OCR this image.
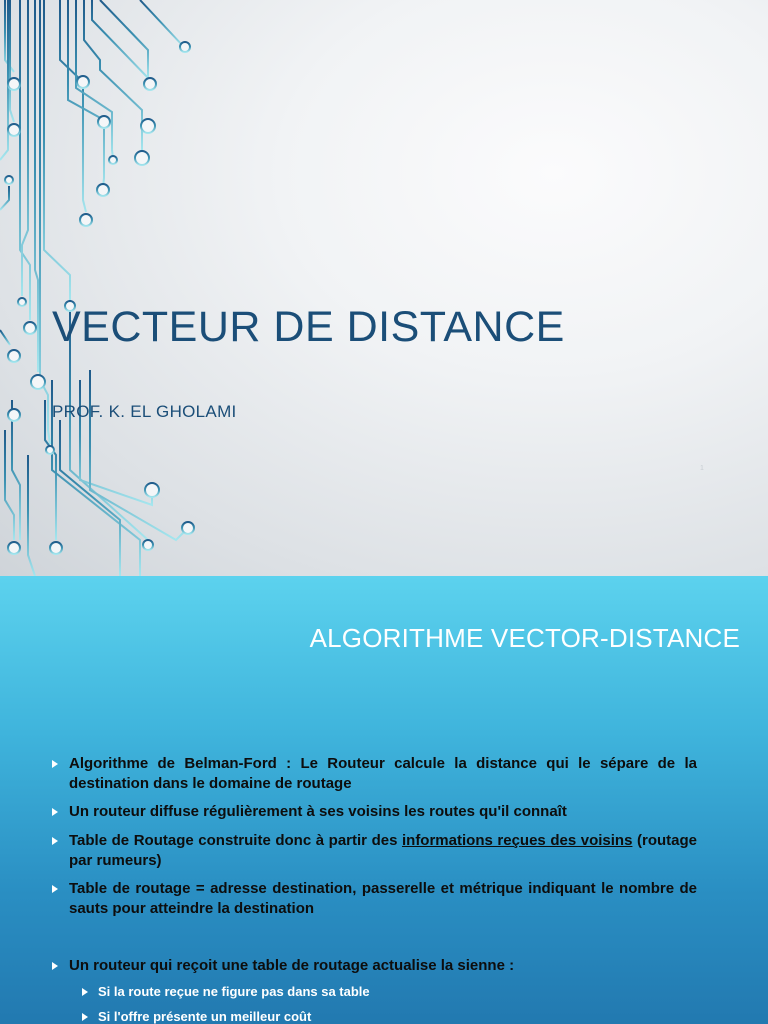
VECTEUR DE DISTANCE
PROF. K. EL GHOLAMI
1
ALGORITHME VECTOR-DISTANCE
Algorithme de Belman-Ford : Le Routeur calcule la distance qui le sépare de la destination dans le domaine de routage
Un routeur diffuse régulièrement à ses voisins les routes qu'il connaît
Table de Routage construite donc à partir des informations reçues des voisins (routage par rumeurs)
Table de routage = adresse destination, passerelle et métrique indiquant le nombre de sauts pour atteindre la destination
Un routeur qui reçoit une table de routage actualise la sienne :
Si la route reçue ne figure pas dans sa table
Si l'offre présente un meilleur coût
